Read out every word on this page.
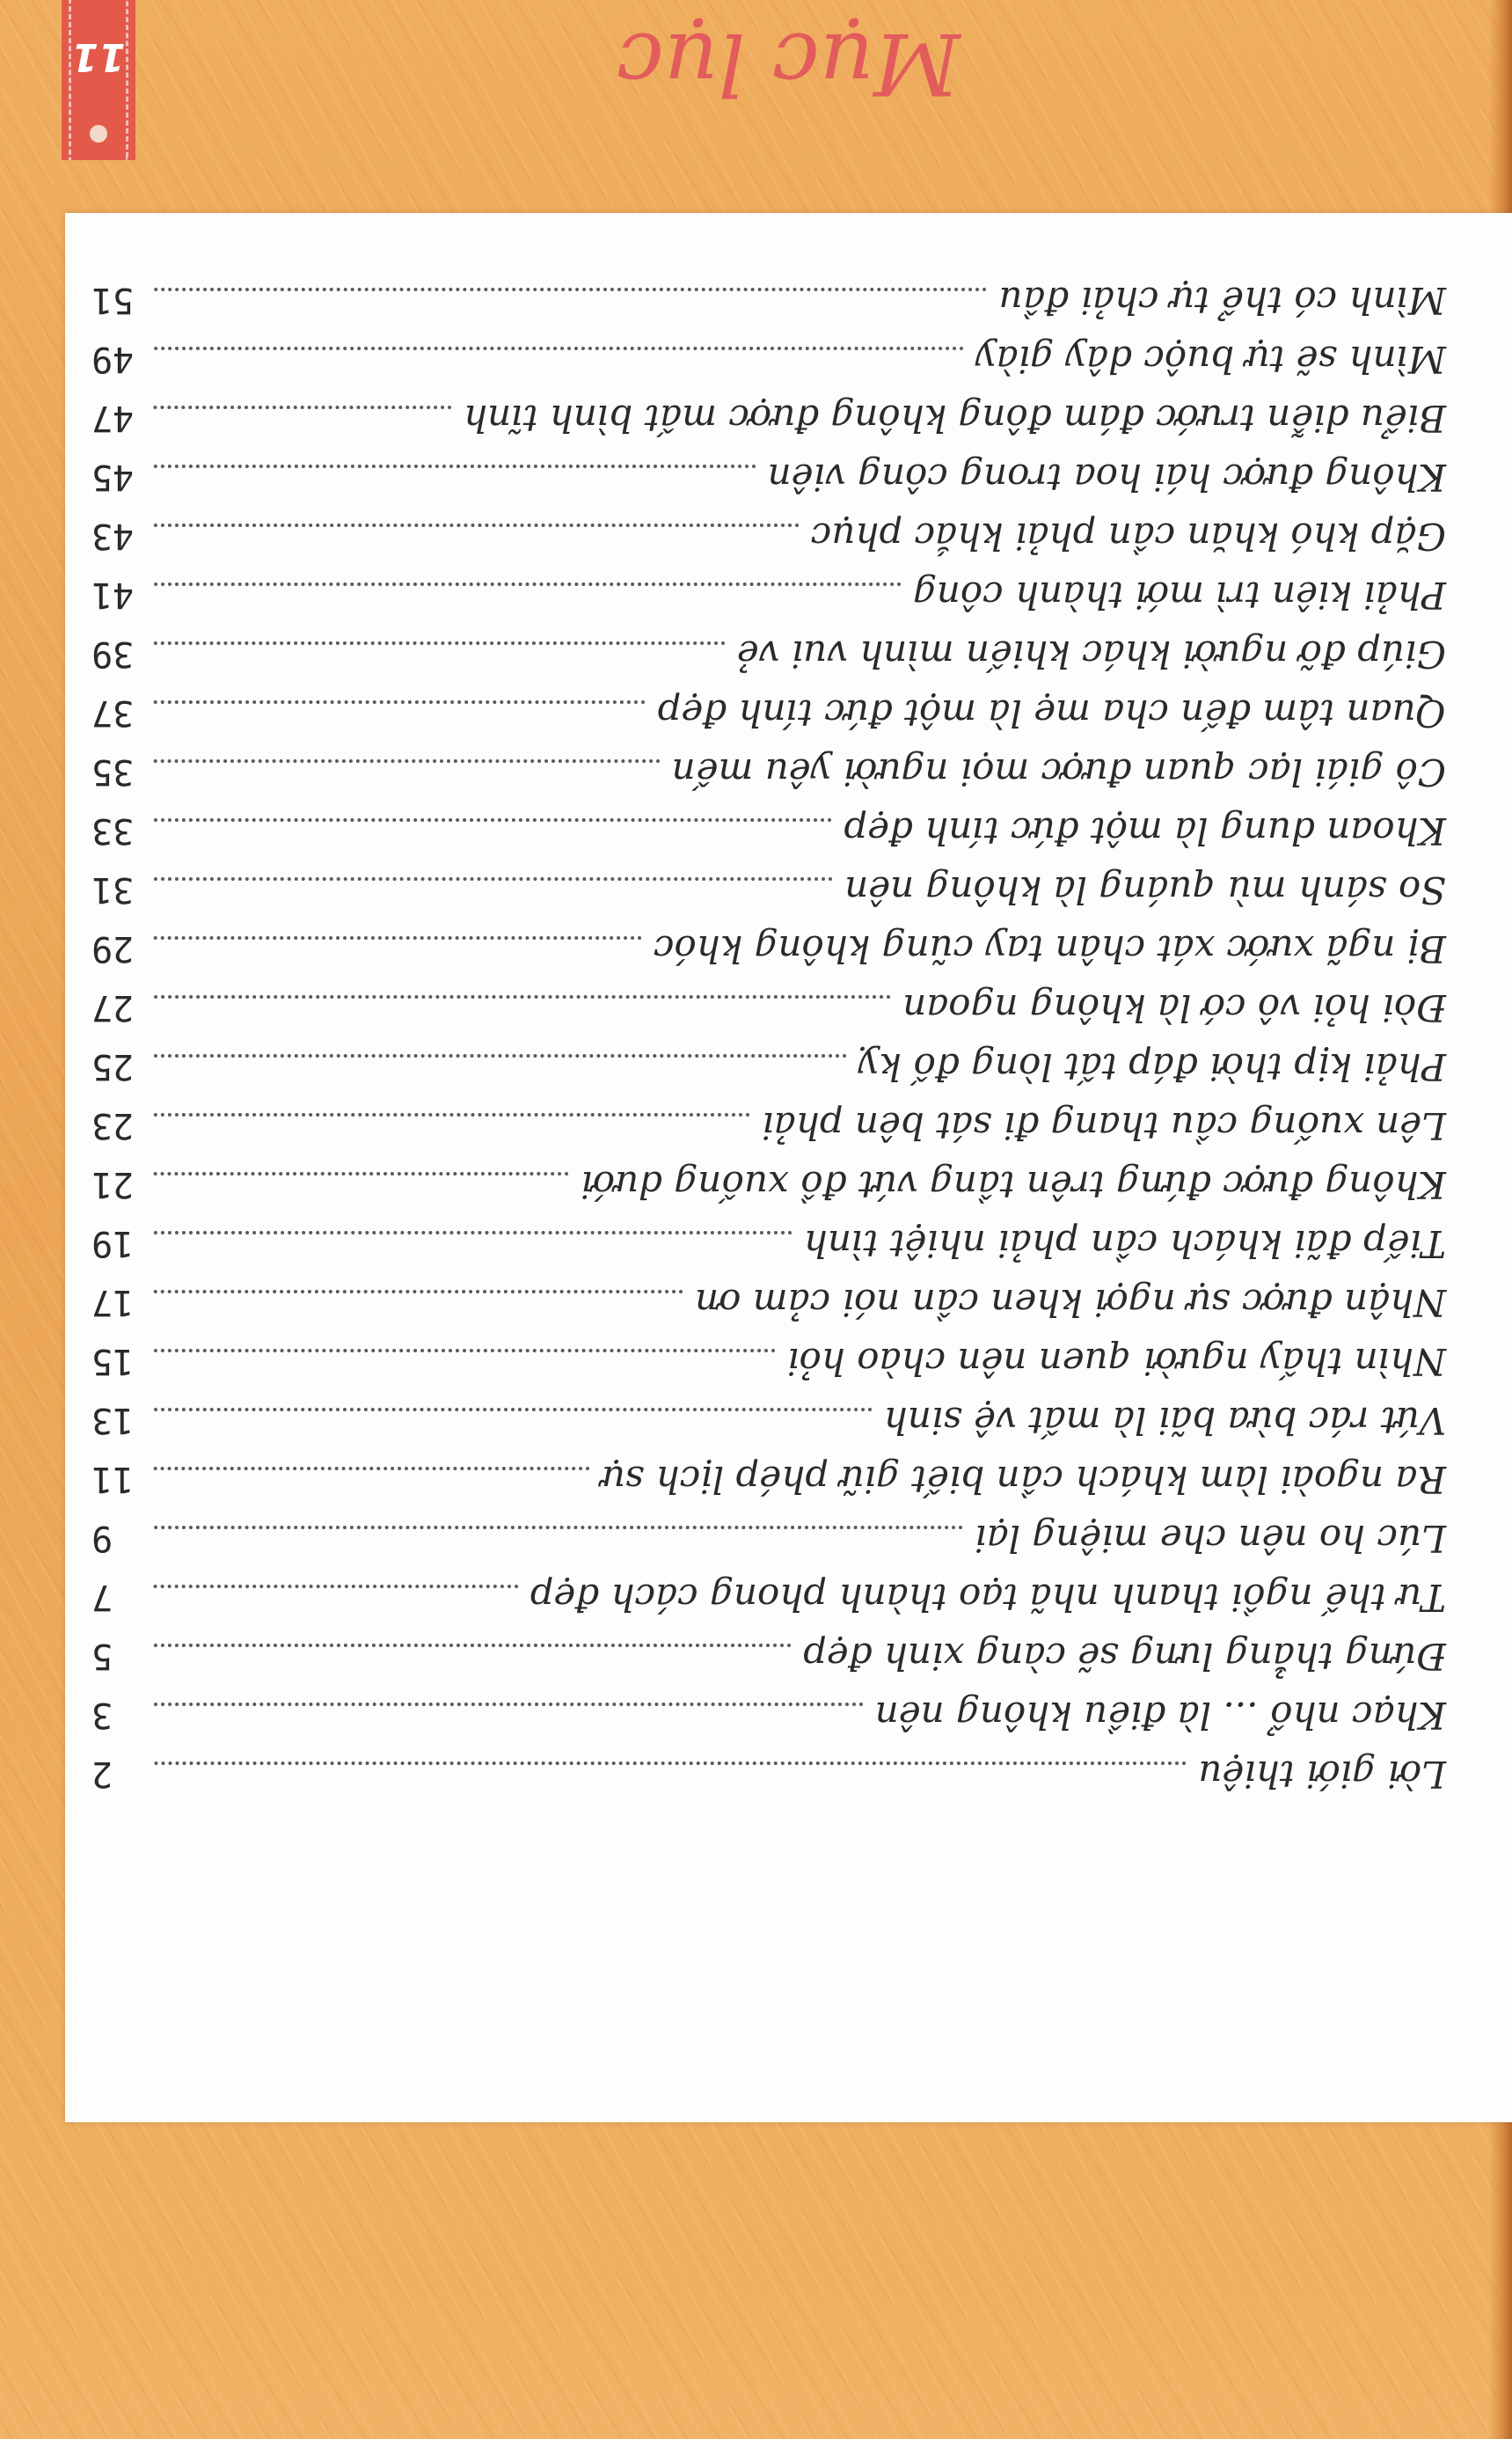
Mục lục
Lời giới thiệu
2
Khạc nhổ ... là điều không nên
3
Đứng thẳng lưng sẽ càng xinh đẹp
5
Tư thế ngồi thanh nhã tạo thành phong cách đẹp
7
Lúc ho nên che miệng lại
9
Ra ngoài làm khách cần biết giữ phép lịch sự
11
Vứt rác bừa bãi là mất vệ sinh
13
Nhìn thấy người quen nên chào hỏi
15
Nhận được sự ngợi khen cần nói cảm ơn
17
Tiếp đãi khách cần phải nhiệt tình
19
Không được đứng trên tầng vứt đồ xuống dưới
21
Lên xuống cầu thang đi sát bên phải
23
Phải kịp thời đáp tất lòng đố kỵ
25
Đòi hỏi vô cớ là không ngoan
27
Bị ngã xước xát chân tay cũng không khóc
29
So sánh mù quáng là không nên
31
Khoan dung là một đức tính đẹp
33
Cô giái lạc quan được mọi người yêu mến
35
Quan tâm đến cha mẹ là một đức tính đẹp
37
Giúp đỡ người khác khiến mình vui vẻ
39
Phải kiên trì mới thành công
41
Gặp khó khăn cần phải khắc phục
43
Không được hái hoa trong công viên
45
Biểu diễn trước đám đông không được mất bình tĩnh
47
Mình sẽ tự buộc dây giày
49
Mình có thể tự chải đầu
51
11
